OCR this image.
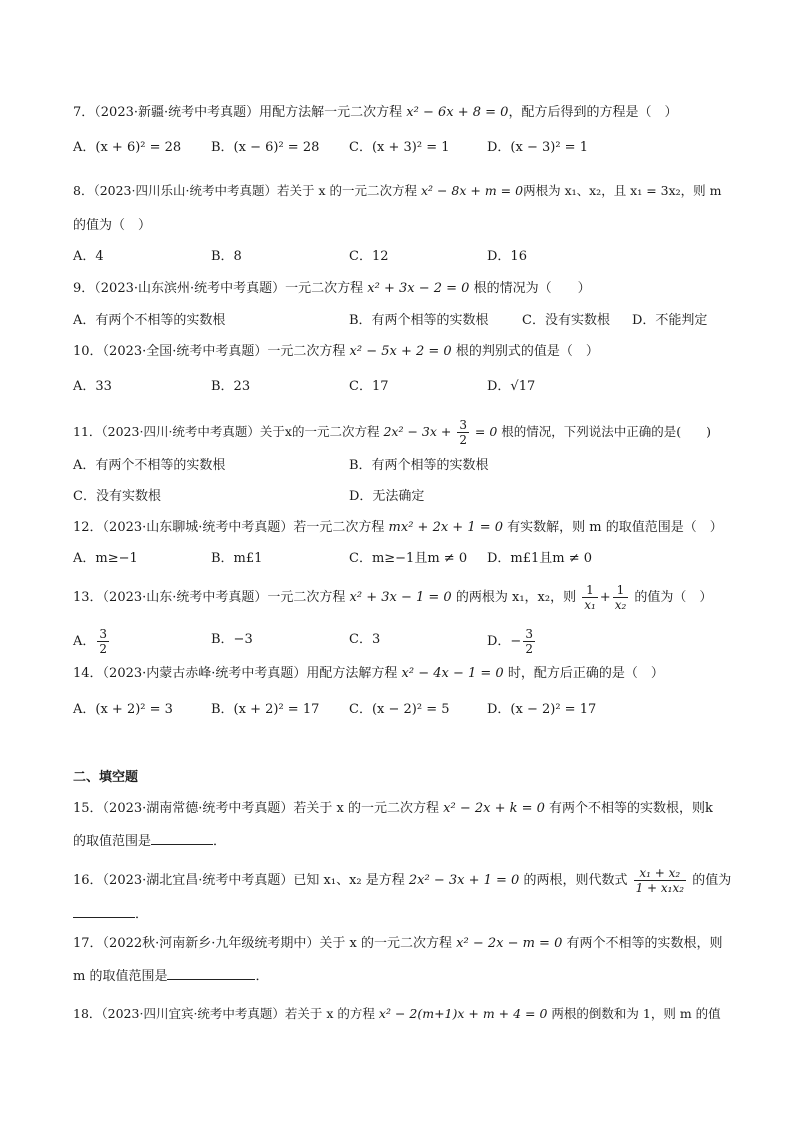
7．（2023·新疆·统考中考真题）用配方法解一元二次方程 x² − 6x + 8 = 0，配方后得到的方程是（　）
A．(x + 6)² = 28 B．(x − 6)² = 28 C．(x + 3)² = 1	D．(x − 3)² = 1
8．（2023·四川乐山·统考中考真题）若关于 x 的一元二次方程 x² − 8x + m = 0两根为 x₁、x₂，且 x₁ = 3x₂，则 m
的值为（　）
A．4	B．8	C．12	D．16
9．（2023·山东滨州·统考中考真题）一元二次方程 x² + 3x − 2 = 0 根的情况为（　　）
A．有两个不相等的实数根	B．有两个相等的实数根	C．没有实数根 D．不能判定
10．（2023·全国·统考中考真题）一元二次方程 x² − 5x + 2 = 0 根的判别式的值是（　）
A．33	B．23	C．17	D．√17
11．（2023·四川·统考中考真题）关于x的一元二次方程 $2x^2 - 3x + \frac{3}{2} = 0$ 根的情况，下列说法中正确的是(　　)
A．有两个不相等的实数根	B．有两个相等的实数根
C．没有实数根	D．无法确定
12．（2023·山东聊城·统考中考真题）若一元二次方程 mx² + 2x + 1 = 0 有实数解，则 m 的取值范围是（　）
A．m≥−1	B．m£1	C．m≥−1且m ≠ 0 D．m£1且m ≠ 0
13．（2023·山东·统考中考真题）一元二次方程 x² + 3x − 1 = 0 的两根为 x₁，x₂，则 $\frac{1}{\text{x₁}} + \frac{1}{\text{x₂}}$ 的值为（　）
A． $\frac{3}{2}$	B．−3	C．3	D．− $\frac{3}{2}$
14．（2023·内蒙古赤峰·统考中考真题）用配方法解方程 x² − 4x − 1 = 0 时，配方后正确的是（　）
A．(x + 2)² = 3	B．(x + 2)² = 17 C．(x − 2)² = 5	D．(x − 2)² = 17
二、填空题
15．（2023·湖南常德·统考中考真题）若关于 x 的一元二次方程 x² − 2x + k = 0 有两个不相等的实数根，则k
的取值范围是	．
16．（2023·湖北宜昌·统考中考真题）已知 x₁、x₂ 是方程 2x² − 3x + 1 = 0 的两根，则代数式 $\frac{\text{x₁ + x₂}}{\text{1 + x₁x₂}}$ 的值为
．
17．（2022秋·河南新乡·九年级统考期中）关于 x 的一元二次方程 x² − 2x − m = 0 有两个不相等的实数根，则
m 的取值范围是	．
18．（2023·四川宜宾·统考中考真题）若关于 x 的方程 x² − 2(m+1)x + m + 4 = 0 两根的倒数和为 1，则 m 的值
